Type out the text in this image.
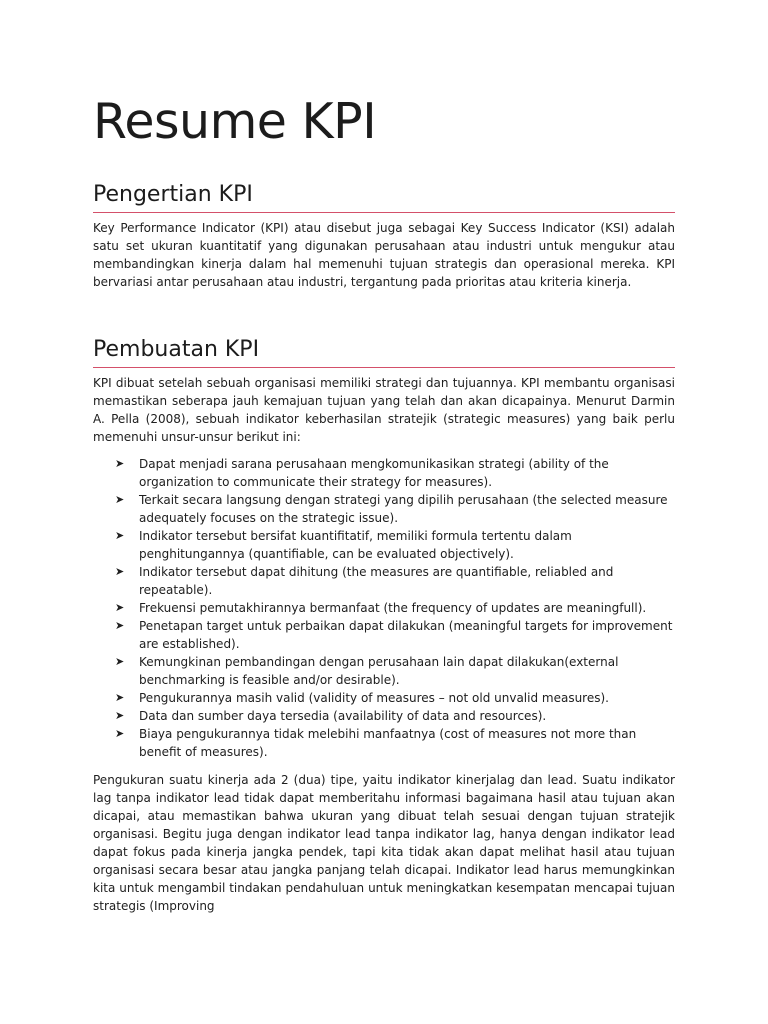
Resume KPI
Pengertian KPI

Key Performance Indicator (KPI) atau disebut juga sebagai Key Success Indicator (KSI) adalah satu set ukuran kuantitatif yang digunakan perusahaan atau industri untuk mengukur atau membandingkan kinerja dalam hal memenuhi tujuan strategis dan operasional mereka. KPI bervariasi antar perusahaan atau industri, tergantung pada prioritas atau kriteria kinerja.

Pembuatan KPI

KPI dibuat setelah sebuah organisasi memiliki strategi dan tujuannya. KPI membantu organisasi memastikan seberapa jauh kemajuan tujuan yang telah dan akan dicapainya. Menurut Darmin A. Pella (2008), sebuah indikator keberhasilan stratejik (strategic measures) yang baik perlu memenuhi unsur-unsur berikut ini:

➤ Dapat menjadi sarana perusahaan mengkomunikasikan strategi (ability of the organization to communicate their strategy for measures).
➤ Terkait secara langsung dengan strategi yang dipilih perusahaan (the selected measure adequately focuses on the strategic issue).
➤ Indikator tersebut bersifat kuantifitatif, memiliki formula tertentu dalam penghitungannya (quantifiable, can be evaluated objectively).
➤ Indikator tersebut dapat dihitung (the measures are quantifiable, reliabled and repeatable).
➤ Frekuensi pemutakhirannya bermanfaat (the frequency of updates are meaningfull).
➤ Penetapan target untuk perbaikan dapat dilakukan (meaningful targets for improvement are established).
➤ Kemungkinan pembandingan dengan perusahaan lain dapat dilakukan(external benchmarking is feasible and/or desirable).
➤ Pengukurannya masih valid (validity of measures – not old unvalid measures).
➤ Data dan sumber daya tersedia (availability of data and resources).
➤ Biaya pengukurannya tidak melebihi manfaatnya (cost of measures not more than benefit of measures).

Pengukuran suatu kinerja ada 2 (dua) tipe, yaitu indikator kinerjalag dan lead. Suatu indikator lag tanpa indikator lead tidak dapat memberitahu informasi bagaimana hasil atau tujuan akan dicapai, atau memastikan bahwa ukuran yang dibuat telah sesuai dengan tujuan stratejik organisasi. Begitu juga dengan indikator lead tanpa indikator lag, hanya dengan indikator lead dapat fokus pada kinerja jangka pendek, tapi kita tidak akan dapat melihat hasil atau tujuan organisasi secara besar atau jangka panjang telah dicapai. Indikator lead harus memungkinkan kita untuk mengambil tindakan pendahuluan untuk meningkatkan kesempatan mencapai tujuan strategis (Improving
